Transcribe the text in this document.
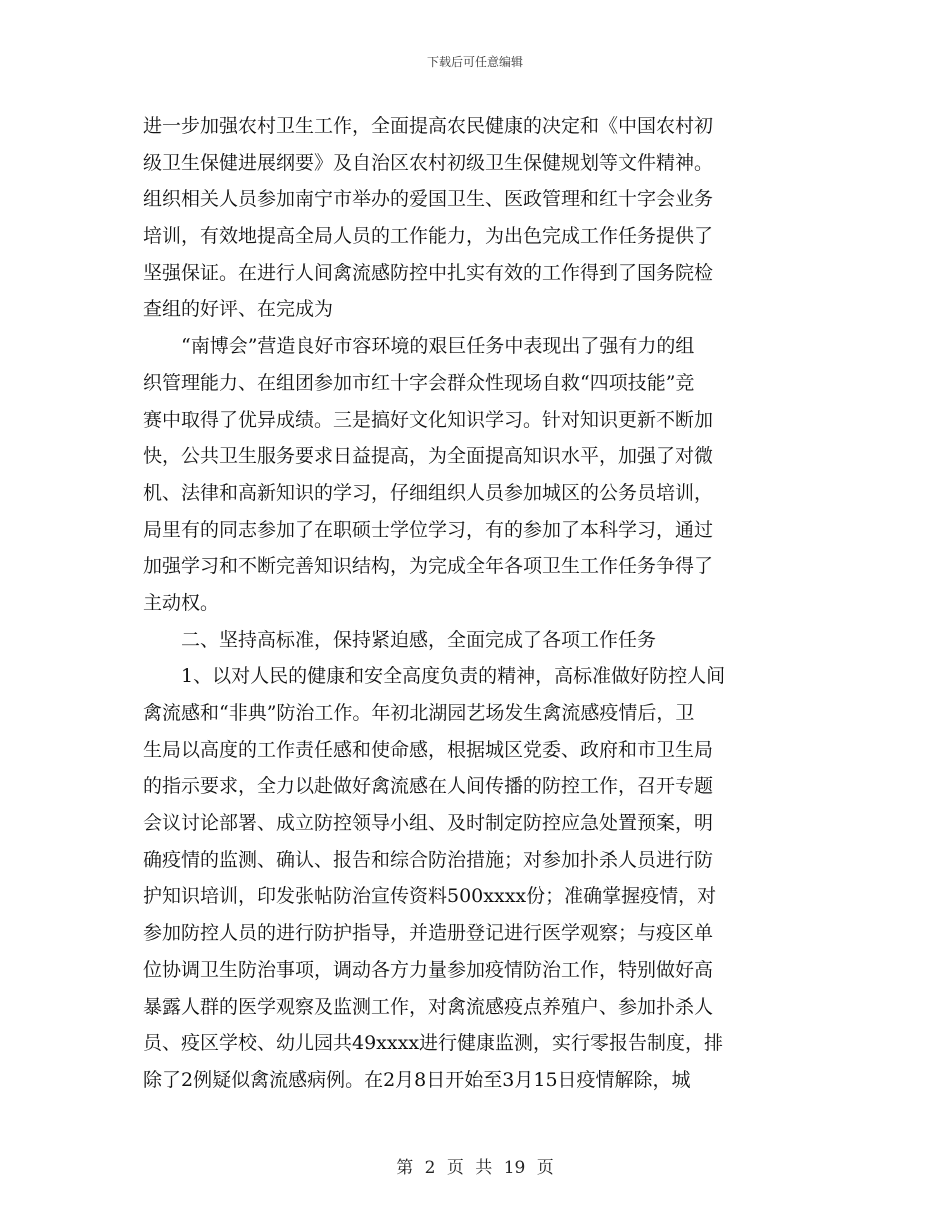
下载后可任意编辑
进一步加强农村卫生工作，全面提高农民健康的决定和《中国农村初
级卫生保健进展纲要》及自治区农村初级卫生保健规划等文件精神。
组织相关人员参加南宁市举办的爱国卫生、医政管理和红十字会业务
培训，有效地提高全局人员的工作能力，为出色完成工作任务提供了
坚强保证。在进行人间禽流感防控中扎实有效的工作得到了国务院检
查组的好评、在完成为
“南博会”营造良好市容环境的艰巨任务中表现出了强有力的组
织管理能力、在组团参加市红十字会群众性现场自救“四项技能”竞
赛中取得了优异成绩。三是搞好文化知识学习。针对知识更新不断加
快，公共卫生服务要求日益提高，为全面提高知识水平，加强了对微
机、法律和高新知识的学习，仔细组织人员参加城区的公务员培训，
局里有的同志参加了在职硕士学位学习，有的参加了本科学习，通过
加强学习和不断完善知识结构，为完成全年各项卫生工作任务争得了
主动权。
二、坚持高标准，保持紧迫感，全面完成了各项工作任务
1、以对人民的健康和安全高度负责的精神，高标准做好防控人间
禽流感和“非典”防治工作。年初北湖园艺场发生禽流感疫情后，卫
生局以高度的工作责任感和使命感，根据城区党委、政府和市卫生局
的指示要求，全力以赴做好禽流感在人间传播的防控工作，召开专题
会议讨论部署、成立防控领导小组、及时制定防控应急处置预案，明
确疫情的监测、确认、报告和综合防治措施；对参加扑杀人员进行防
护知识培训，印发张帖防治宣传资料500xxxx份；准确掌握疫情，对
参加防控人员的进行防护指导，并造册登记进行医学观察；与疫区单
位协调卫生防治事项，调动各方力量参加疫情防治工作，特别做好高
暴露人群的医学观察及监测工作，对禽流感疫点养殖户、参加扑杀人
员、疫区学校、幼儿园共49xxxx进行健康监测，实行零报告制度，排
除了2例疑似禽流感病例。在2月8日开始至3月15日疫情解除，城
第 2 页 共 19 页
